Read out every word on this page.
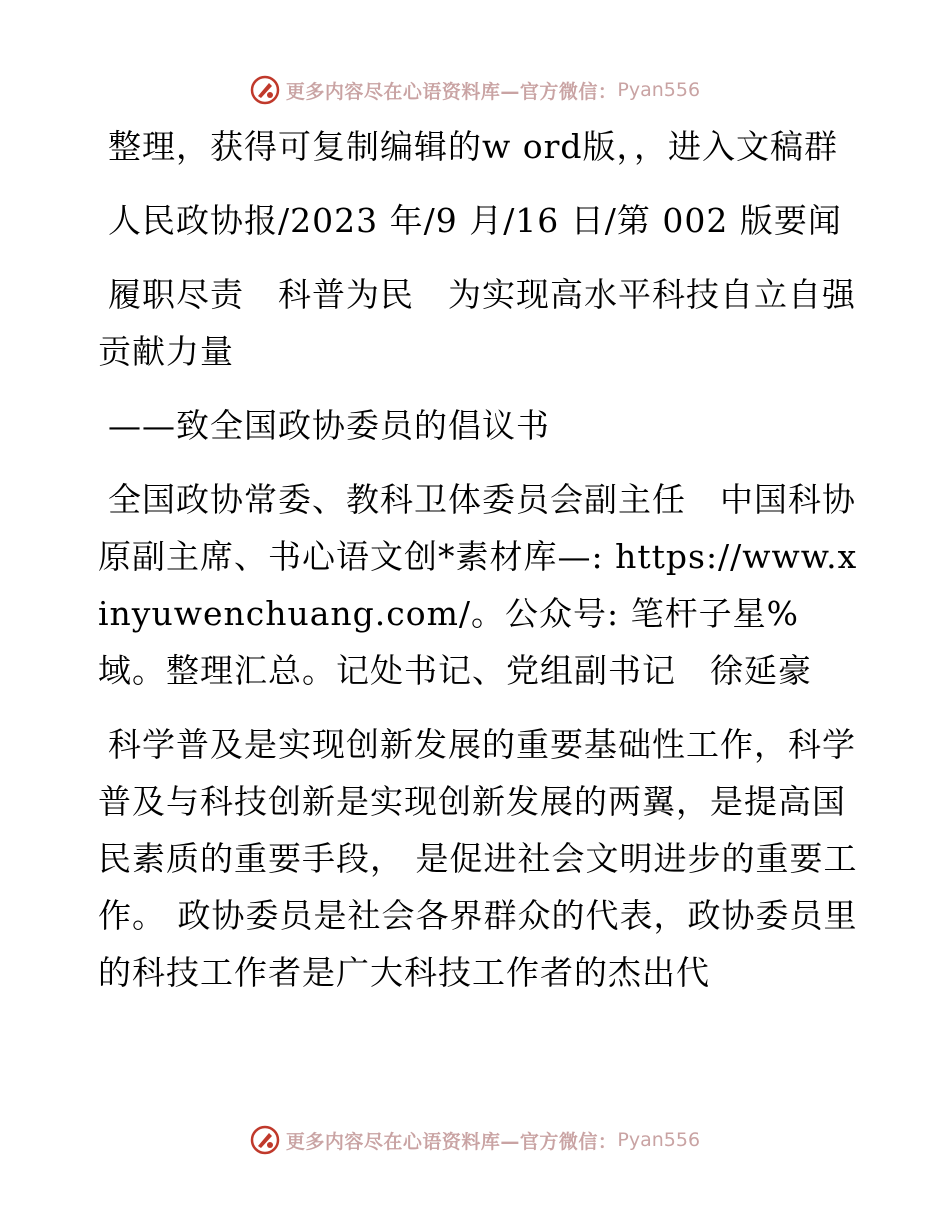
更多内容尽在心语资料库—官方微信： Pyan556

整理，获得可复制编辑的w ord版，，进入文稿群

人民政协报/2023 年/9 月/16 日/第 002 版要闻

履职尽责　科普为民　为实现高水平科技自立自强贡献力量

——致全国政协委员的倡议书

全国政协常委、教科卫体委员会副主任　中国科协原副主席、书心语文创*素材库—: https://www.xinyuwenchuang.com/。公众号: 笔杆子星%域。整理汇总。记处书记、党组副书记　徐延豪

科学普及是实现创新发展的重要基础性工作，科学普及与科技创新是实现创新发展的两翼，是提高国民素质的重要手段， 是促进社会文明进步的重要工作。 政协委员是社会各界群众的代表，政协委员里的科技工作者是广大科技工作者的杰出代

更多内容尽在心语资料库—官方微信： Pyan556
